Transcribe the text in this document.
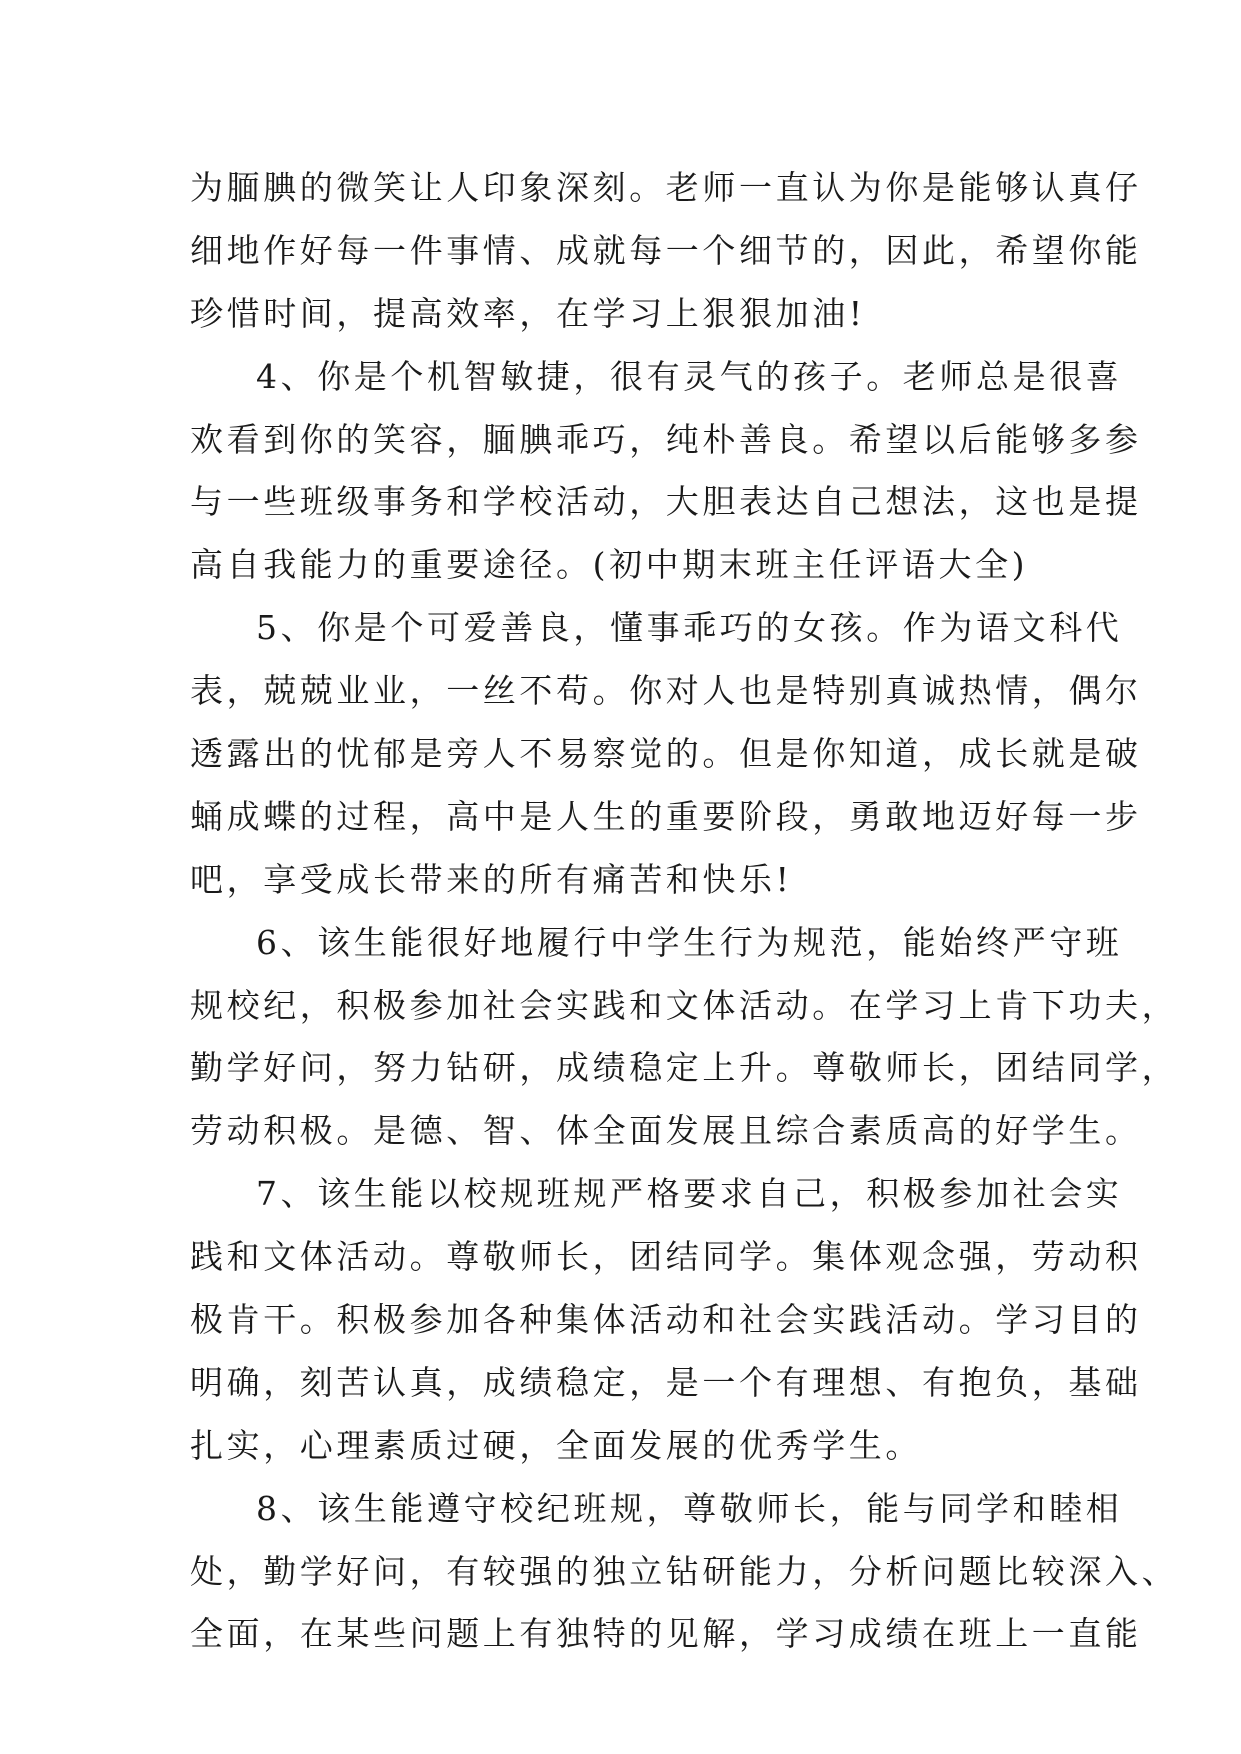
为腼腆的微笑让人印象深刻。老师一直认为你是能够认真仔
细地作好每一件事情、成就每一个细节的，因此，希望你能
珍惜时间，提高效率，在学习上狠狠加油!
4、你是个机智敏捷，很有灵气的孩子。老师总是很喜
欢看到你的笑容，腼腆乖巧，纯朴善良。希望以后能够多参
与一些班级事务和学校活动，大胆表达自己想法，这也是提
高自我能力的重要途径。(初中期末班主任评语大全)
5、你是个可爱善良，懂事乖巧的女孩。作为语文科代
表，兢兢业业，一丝不苟。你对人也是特别真诚热情，偶尔
透露出的忧郁是旁人不易察觉的。但是你知道，成长就是破
蛹成蝶的过程，高中是人生的重要阶段，勇敢地迈好每一步
吧，享受成长带来的所有痛苦和快乐!
6、该生能很好地履行中学生行为规范，能始终严守班
规校纪，积极参加社会实践和文体活动。在学习上肯下功夫，
勤学好问，努力钻研，成绩稳定上升。尊敬师长，团结同学，
劳动积极。是德、智、体全面发展且综合素质高的好学生。
7、该生能以校规班规严格要求自己，积极参加社会实
践和文体活动。尊敬师长，团结同学。集体观念强，劳动积
极肯干。积极参加各种集体活动和社会实践活动。学习目的
明确，刻苦认真，成绩稳定，是一个有理想、有抱负，基础
扎实，心理素质过硬，全面发展的优秀学生。
8、该生能遵守校纪班规，尊敬师长，能与同学和睦相
处，勤学好问，有较强的独立钻研能力，分析问题比较深入、
全面，在某些问题上有独特的见解，学习成绩在班上一直能
